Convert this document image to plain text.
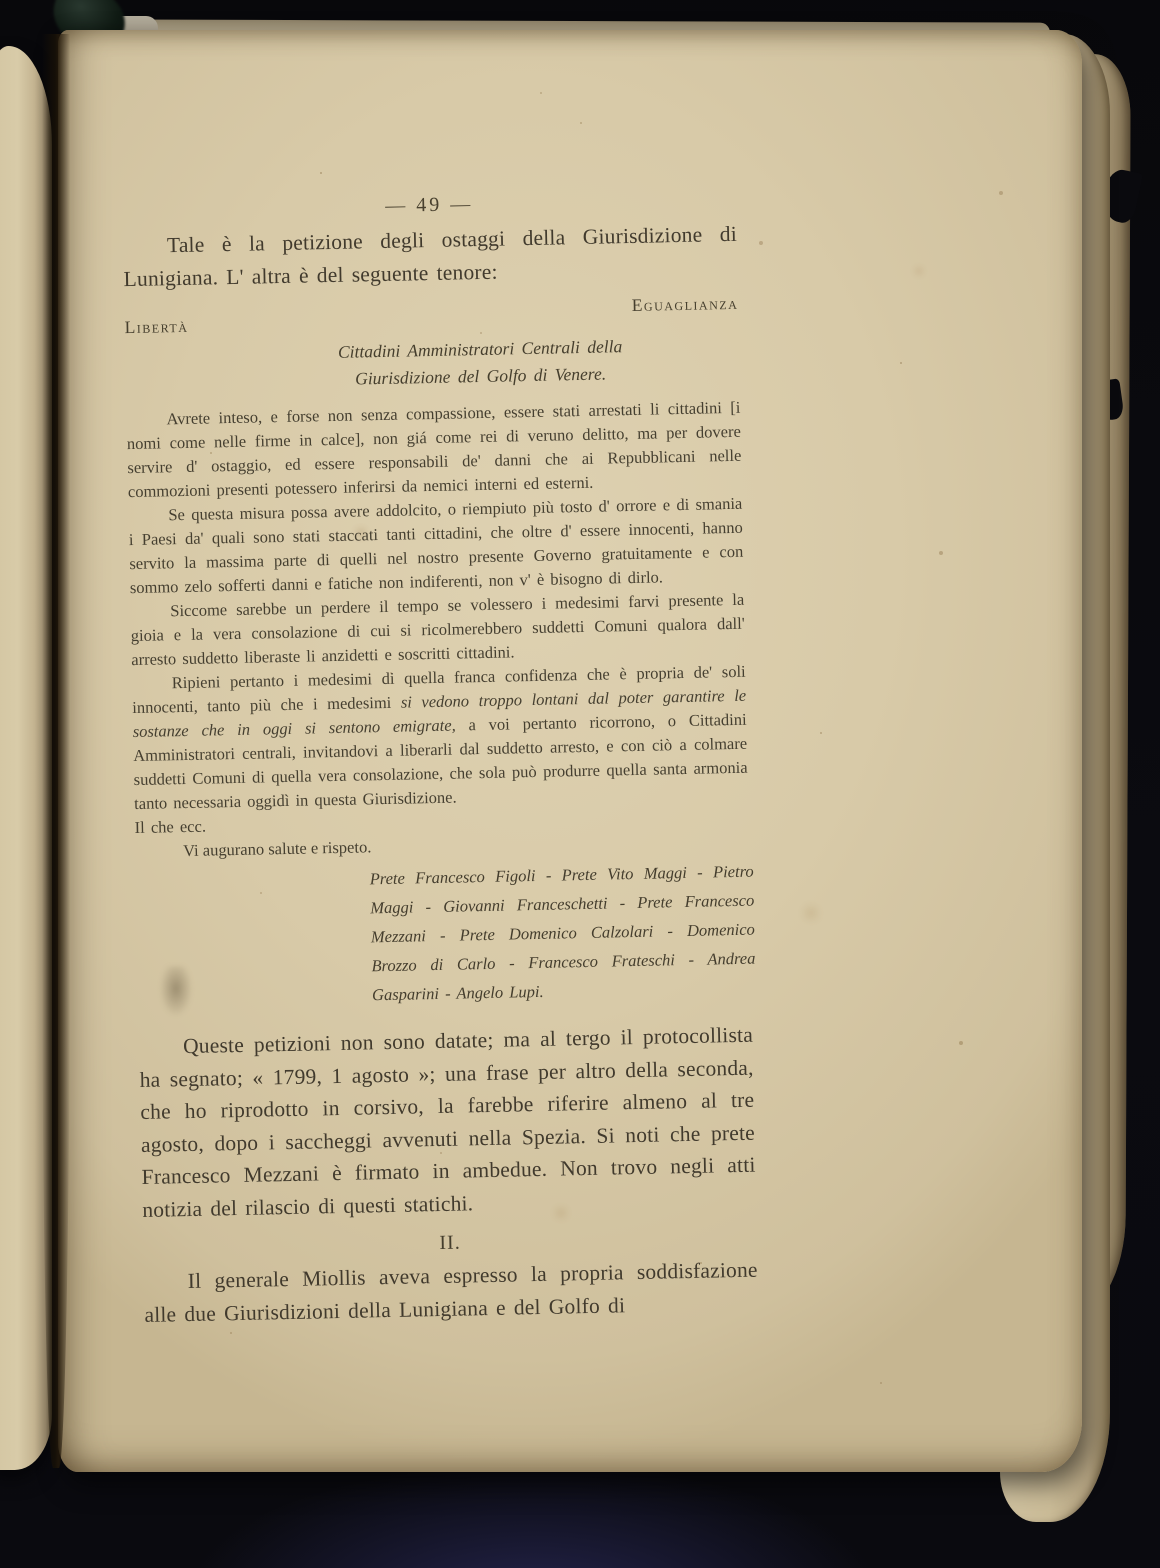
— 49 —

Tale è la petizione degli ostaggi della Giurisdizione di Lunigiana. L' altra è del seguente tenore:

Libertà
Eguaglianza
Cittadini Amministratori Centrali della
Giurisdizione del Golfo di Venere.

Avrete inteso, e forse non senza compassione, essere stati arrestati li cittadini [i nomi come nelle firme in calce], non giá come rei di veruno delitto, ma per dovere servire d' ostaggio, ed essere responsabili de' danni che ai Repubblicani nelle commozioni presenti potessero inferirsi da nemici interni ed esterni.

Se questa misura possa avere addolcito, o riempiuto più tosto d' orrore e di smania i Paesi da' quali sono stati staccati tanti cittadini, che oltre d' essere innocenti, hanno servito la massima parte di quelli nel nostro presente Governo gratuitamente e con sommo zelo sofferti danni e fatiche non indiferenti, non v' è bisogno di dirlo.

Siccome sarebbe un perdere il tempo se volessero i medesimi farvi presente la gioia e la vera consolazione di cui si ricolmerebbero suddetti Comuni qualora dall' arresto suddetto liberaste li anzidetti e soscritti cittadini.

Ripieni pertanto i medesimi di quella franca confidenza che è propria de' soli innocenti, tanto più che i medesimi si vedono troppo lontani dal poter garantire le sostanze che in oggi si sentono emigrate, a voi pertanto ricorrono, o Cittadini Amministratori centrali, invitandovi a liberarli dal suddetto arresto, e con ciò a colmare suddetti Comuni di quella vera consolazione, che sola può produrre quella santa armonia tanto necessaria oggidì in questa Giurisdizione.

Il che ecc.

Vi augurano salute e rispeto.

Prete Francesco Figoli - Prete Vito Maggi - Pietro Maggi - Giovanni Franceschetti - Prete Francesco Mezzani - Prete Domenico Calzolari - Domenico Brozzo di Carlo - Francesco Frateschi - Andrea Gasparini - Angelo Lupi.

Queste petizioni non sono datate; ma al tergo il protocollista ha segnato; « 1799, 1 agosto »; una frase per altro della seconda, che ho riprodotto in corsivo, la farebbe riferire almeno al tre agosto, dopo i saccheggi avvenuti nella Spezia. Si noti che prete Francesco Mezzani è firmato in ambedue. Non trovo negli atti notizia del rilascio di questi statichi.

II.

Il generale Miollis aveva espresso la propria soddisfazione alle due Giurisdizioni della Lunigiana e del Golfo di
